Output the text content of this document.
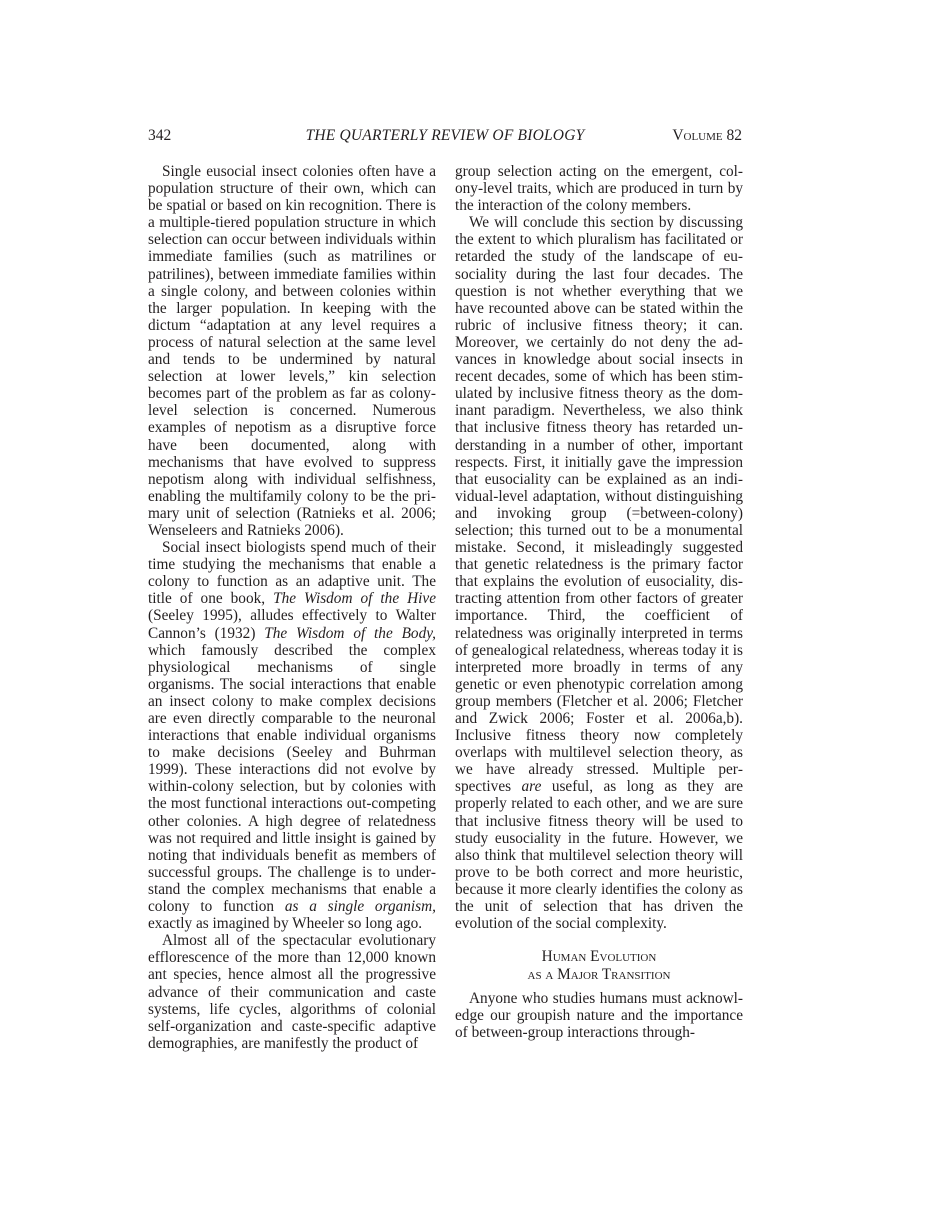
342	THE QUARTERLY REVIEW OF BIOLOGY	Volume 82

Single eusocial insect colonies often have a population structure of their own, which can be spatial or based on kin recognition. There is a multiple-tiered population structure in which selection can occur between individuals within immediate families (such as matrilines or patrilines), between immediate families within a single colony, and between colonies within the larger population. In keeping with the dictum “adaptation at any level requires a process of natural selection at the same level and tends to be undermined by natural selection at lower levels,” kin selection becomes part of the problem as far as colony-level selection is concerned. Numerous examples of nepotism as a disruptive force have been documented, along with mechanisms that have evolved to suppress nepotism along with individual selfishness, enabling the multifamily colony to be the primary unit of selection (Ratnieks et al. 2006; Wenseleers and Ratnieks 2006).

Social insect biologists spend much of their time studying the mechanisms that enable a colony to function as an adaptive unit. The title of one book, The Wisdom of the Hive (Seeley 1995), alludes effectively to Walter Cannon’s (1932) The Wisdom of the Body, which famously described the complex physiological mechanisms of single organisms. The social interactions that enable an insect colony to make complex decisions are even directly comparable to the neuronal interactions that enable individual organisms to make decisions (Seeley and Buhrman 1999). These interactions did not evolve by within-colony selection, but by colonies with the most functional interactions out-competing other colonies. A high degree of relatedness was not required and little insight is gained by noting that individuals benefit as members of successful groups. The challenge is to understand the complex mechanisms that enable a colony to function as a single organism, exactly as imagined by Wheeler so long ago.

Almost all of the spectacular evolutionary efflorescence of the more than 12,000 known ant species, hence almost all the progressive advance of their communication and caste systems, life cycles, algorithms of colonial self-organization and caste-specific adaptive demographies, are manifestly the product of

group selection acting on the emergent, colony-level traits, which are produced in turn by the interaction of the colony members.

We will conclude this section by discussing the extent to which pluralism has facilitated or retarded the study of the landscape of eusociality during the last four decades. The question is not whether everything that we have recounted above can be stated within the rubric of inclusive fitness theory; it can. Moreover, we certainly do not deny the advances in knowledge about social insects in recent decades, some of which has been stimulated by inclusive fitness theory as the dominant paradigm. Nevertheless, we also think that inclusive fitness theory has retarded understanding in a number of other, important respects. First, it initially gave the impression that eusociality can be explained as an individual-level adaptation, without distinguishing and invoking group (=between-colony) selection; this turned out to be a monumental mistake. Second, it misleadingly suggested that genetic relatedness is the primary factor that explains the evolution of eusociality, distracting attention from other factors of greater importance. Third, the coefficient of relatedness was originally interpreted in terms of genealogical relatedness, whereas today it is interpreted more broadly in terms of any genetic or even phenotypic correlation among group members (Fletcher et al. 2006; Fletcher and Zwick 2006; Foster et al. 2006a,b). Inclusive fitness theory now completely overlaps with multilevel selection theory, as we have already stressed. Multiple perspectives are useful, as long as they are properly related to each other, and we are sure that inclusive fitness theory will be used to study eusociality in the future. However, we also think that multilevel selection theory will prove to be both correct and more heuristic, because it more clearly identifies the colony as the unit of selection that has driven the evolution of the social complexity.

Human Evolution
as a Major Transition

Anyone who studies humans must acknowledge our groupish nature and the importance of between-group interactions through-
